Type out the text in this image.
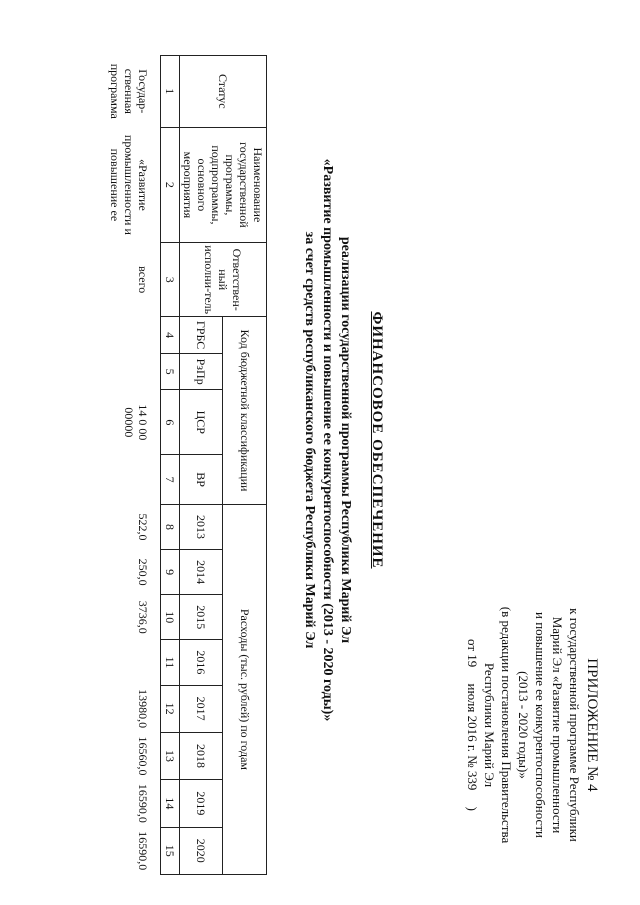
ПРИЛОЖЕНИЕ № 4
к государственной программе Республики
Марий Эл «Развитие промышленности
и повышение ее конкурентоспособности
(2013 - 2020 годы)»
(в редакции постановления Правительства
Республики Марий Эл
от 19     июля 2016 г. № 339     )
ФИНАНСОВОЕ ОБЕСПЕЧЕНИЕ
реализации государственной программы Республики Марий Эл
«Развитие промышленности и повышение ее конкурентоспособности (2013 - 2020 годы)»
за счет средств республиканского бюджета Республики Марий Эл
Статус	Наименование государственной программы, подпрограммы, основного мероприятия	Ответствен-ный исполни-тель	Код бюджетной классификации				Расходы (тыс. рублей) по годам							
			ГРБС	РзПр	ЦСР	ВР	2013	2014	2015	2016	2017	2018	2019	2020
1	2	3	4	5	6	7	8	9	10	11	12	13	14	15
Государ-ственная программа	«Развитие промышленности и повышение ее	всего			14 0 00 00000		522,0	250,0	3736,0		13980,0	16560,0	16590,0	16590,0
